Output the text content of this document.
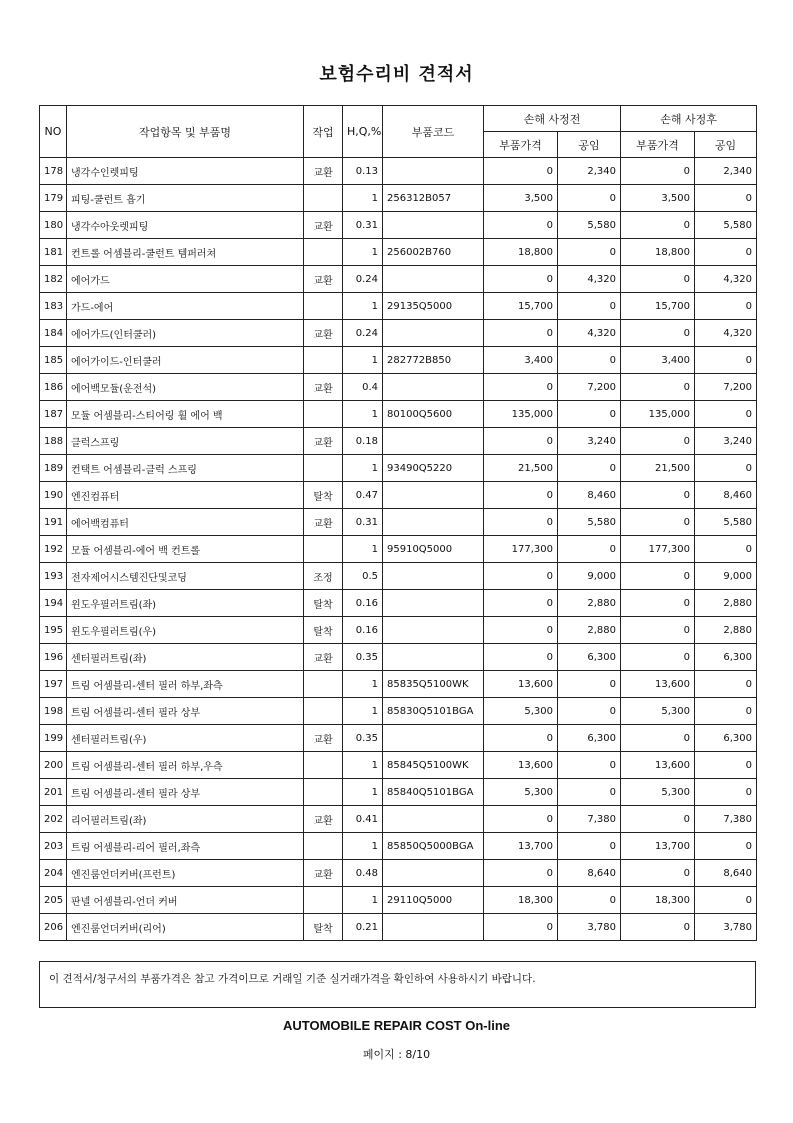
보험수리비 견적서
NO	작업항목 및 부품명	작업	H,Q,%	부품코드	손해 사정전		손해 사정후	
					부품가격	공임	부품가격	공임
178	냉각수인렛피팅	교환	0.13		0	2,340	0	2,340
179	피팅-쿨런트 흡기		1	256312B057	3,500	0	3,500	0
180	냉각수아웃렛피팅	교환	0.31		0	5,580	0	5,580
181	컨트롤 어셈블리-쿨런트 템퍼러쳐		1	256002B760	18,800	0	18,800	0
182	에어가드	교환	0.24		0	4,320	0	4,320
183	가드-에어		1	29135Q5000	15,700	0	15,700	0
184	에어가드(인터쿨러)	교환	0.24		0	4,320	0	4,320
185	에어가이드-인터쿨러		1	282772B850	3,400	0	3,400	0
186	에어백모듈(운전석)	교환	0.4		0	7,200	0	7,200
187	모듈 어셈블리-스티어링 휠 에어 백		1	80100Q5600	135,000	0	135,000	0
188	클럭스프링	교환	0.18		0	3,240	0	3,240
189	컨택트 어셈블리-클럭 스프링		1	93490Q5220	21,500	0	21,500	0
190	엔진컴퓨터	탈착	0.47		0	8,460	0	8,460
191	에어백컴퓨터	교환	0.31		0	5,580	0	5,580
192	모듈 어셈블리-에어 백 컨트롤		1	95910Q5000	177,300	0	177,300	0
193	전자제어시스템진단및코딩	조정	0.5		0	9,000	0	9,000
194	윈도우필러트림(좌)	탈착	0.16		0	2,880	0	2,880
195	윈도우필러트림(우)	탈착	0.16		0	2,880	0	2,880
196	센터필러트림(좌)	교환	0.35		0	6,300	0	6,300
197	트림 어셈블리-센터 필러 하부,좌측		1	85835Q5100WK	13,600	0	13,600	0
198	트림 어셈블리-센터 필라 상부		1	85830Q5101BGA	5,300	0	5,300	0
199	센터필러트림(우)	교환	0.35		0	6,300	0	6,300
200	트림 어셈블리-센터 필러 하부,우측		1	85845Q5100WK	13,600	0	13,600	0
201	트림 어셈블리-센터 필라 상부		1	85840Q5101BGA	5,300	0	5,300	0
202	리어필러트림(좌)	교환	0.41		0	7,380	0	7,380
203	트림 어셈블리-리어 필러,좌측		1	85850Q5000BGA	13,700	0	13,700	0
204	엔진룸언더커버(프런트)	교환	0.48		0	8,640	0	8,640
205	판넬 어셈블리-언더 커버		1	29110Q5000	18,300	0	18,300	0
206	엔진룸언더커버(리어)	탈착	0.21		0	3,780	0	3,780
이 견적서/청구서의 부품가격은 참고 가격이므로 거래일 기준 실거래가격을 확인하여 사용하시기 바랍니다.
AUTOMOBILE REPAIR COST On-line
페이지 : 8/10
